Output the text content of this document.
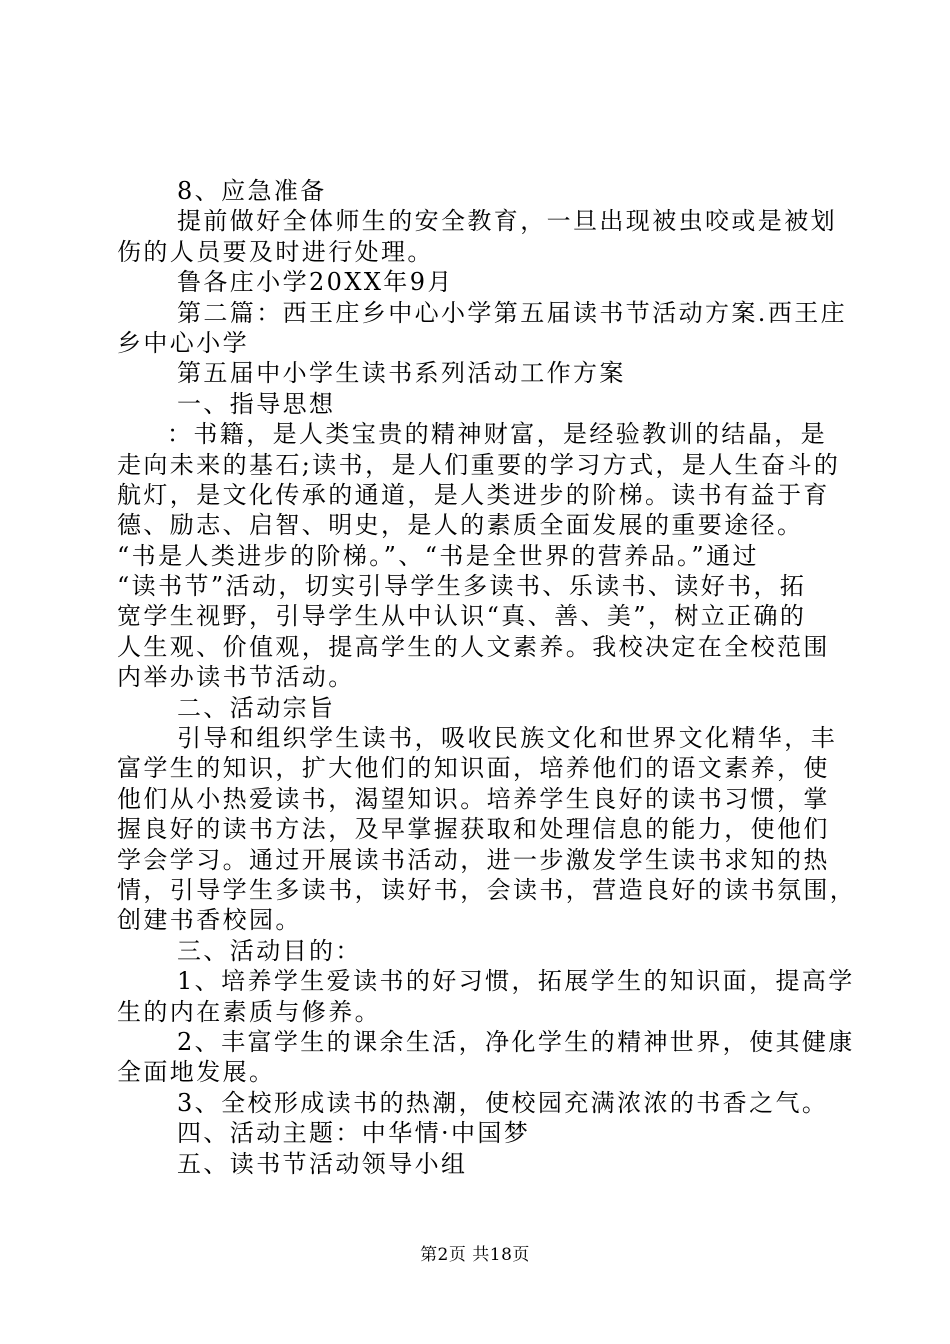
8、应急准备
提前做好全体师生的安全教育，一旦出现被虫咬或是被划
伤的人员要及时进行处理。
鲁各庄小学20XX年9月
第二篇：西王庄乡中心小学第五届读书节活动方案.西王庄
乡中心小学
第五届中小学生读书系列活动工作方案
一、指导思想
：书籍，是人类宝贵的精神财富，是经验教训的结晶，是
走向未来的基石;读书，是人们重要的学习方式，是人生奋斗的
航灯，是文化传承的通道，是人类进步的阶梯。读书有益于育
德、励志、启智、明史，是人的素质全面发展的重要途径。
“书是人类进步的阶梯。”、“书是全世界的营养品。”通过
“读书节”活动，切实引导学生多读书、乐读书、读好书，拓
宽学生视野，引导学生从中认识“真、善、美”，树立正确的
人生观、价值观，提高学生的人文素养。我校决定在全校范围
内举办读书节活动。
二、活动宗旨
引导和组织学生读书，吸收民族文化和世界文化精华，丰
富学生的知识，扩大他们的知识面，培养他们的语文素养，使
他们从小热爱读书，渴望知识。培养学生良好的读书习惯，掌
握良好的读书方法，及早掌握获取和处理信息的能力，使他们
学会学习。通过开展读书活动，进一步激发学生读书求知的热
情，引导学生多读书，读好书，会读书，营造良好的读书氛围，
创建书香校园。
三、活动目的：
1、培养学生爱读书的好习惯，拓展学生的知识面，提高学
生的内在素质与修养。
2、丰富学生的课余生活，净化学生的精神世界，使其健康
全面地发展。
3、全校形成读书的热潮，使校园充满浓浓的书香之气。
四、活动主题：中华情·中国梦
五、读书节活动领导小组
第2页 共18页
